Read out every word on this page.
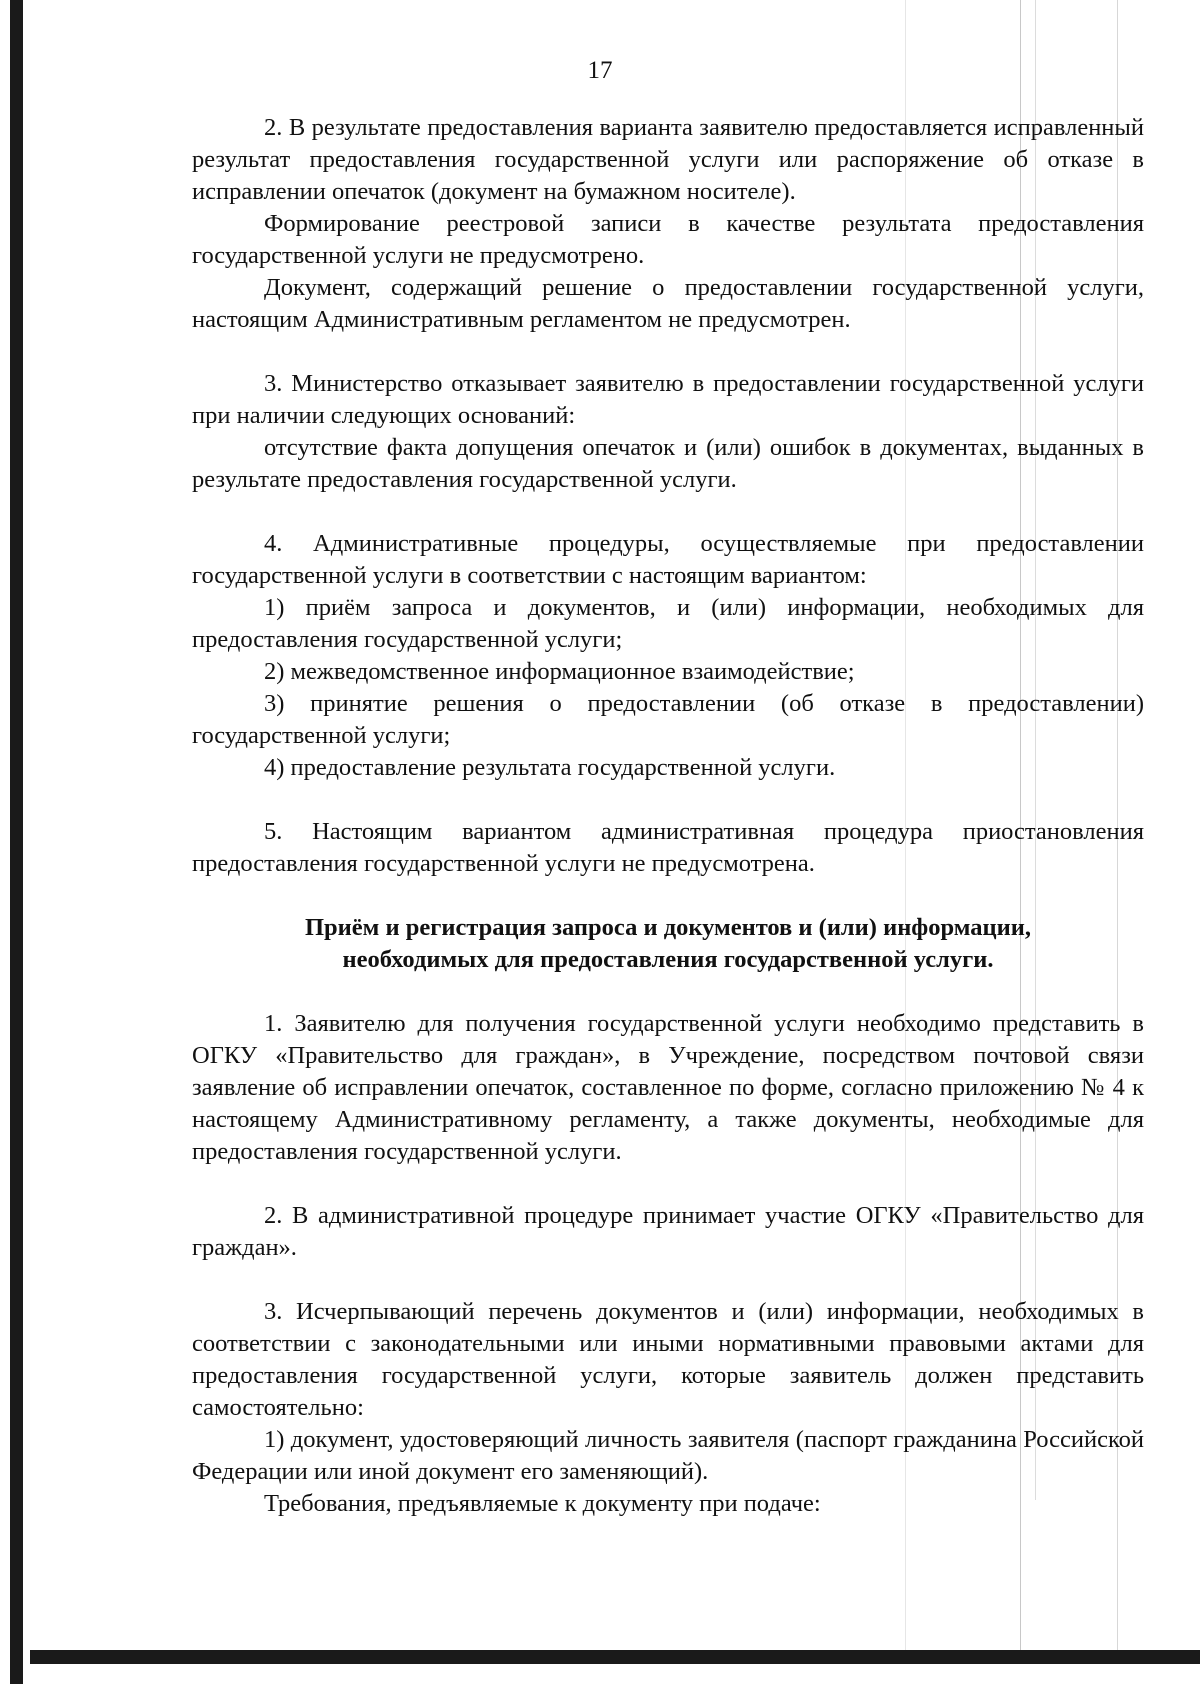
17

2. В результате предоставления варианта заявителю предоставляется исправленный результат предоставления государственной услуги или распоряжение об отказе в исправлении опечаток (документ на бумажном носителе).

Формирование реестровой записи в качестве результата предоставления государственной услуги не предусмотрено.

Документ, содержащий решение о предоставлении государственной услуги, настоящим Административным регламентом не предусмотрен.

3. Министерство отказывает заявителю в предоставлении государственной услуги при наличии следующих оснований:

отсутствие факта допущения опечаток и (или) ошибок в документах, выданных в результате предоставления государственной услуги.

4. Административные процедуры, осуществляемые при предоставлении государственной услуги в соответствии с настоящим вариантом:

1) приём запроса и документов, и (или) информации, необходимых для предоставления государственной услуги;

2) межведомственное информационное взаимодействие;

3) принятие решения о предоставлении (об отказе в предоставлении) государственной услуги;

4) предоставление результата государственной услуги.

5. Настоящим вариантом административная процедура приостановления предоставления государственной услуги не предусмотрена.

Приём и регистрация запроса и документов и (или) информации, необходимых для предоставления государственной услуги.

1. Заявителю для получения государственной услуги необходимо представить в ОГКУ «Правительство для граждан», в Учреждение, посредством почтовой связи заявление об исправлении опечаток, составленное по форме, согласно приложению № 4 к настоящему Административному регламенту, а также документы, необходимые для предоставления государственной услуги.

2. В административной процедуре принимает участие ОГКУ «Правительство для граждан».

3. Исчерпывающий перечень документов и (или) информации, необходимых в соответствии с законодательными или иными нормативными правовыми актами для предоставления государственной услуги, которые заявитель должен представить самостоятельно:

1) документ, удостоверяющий личность заявителя (паспорт гражданина Российской Федерации или иной документ его заменяющий).

Требования, предъявляемые к документу при подаче:
